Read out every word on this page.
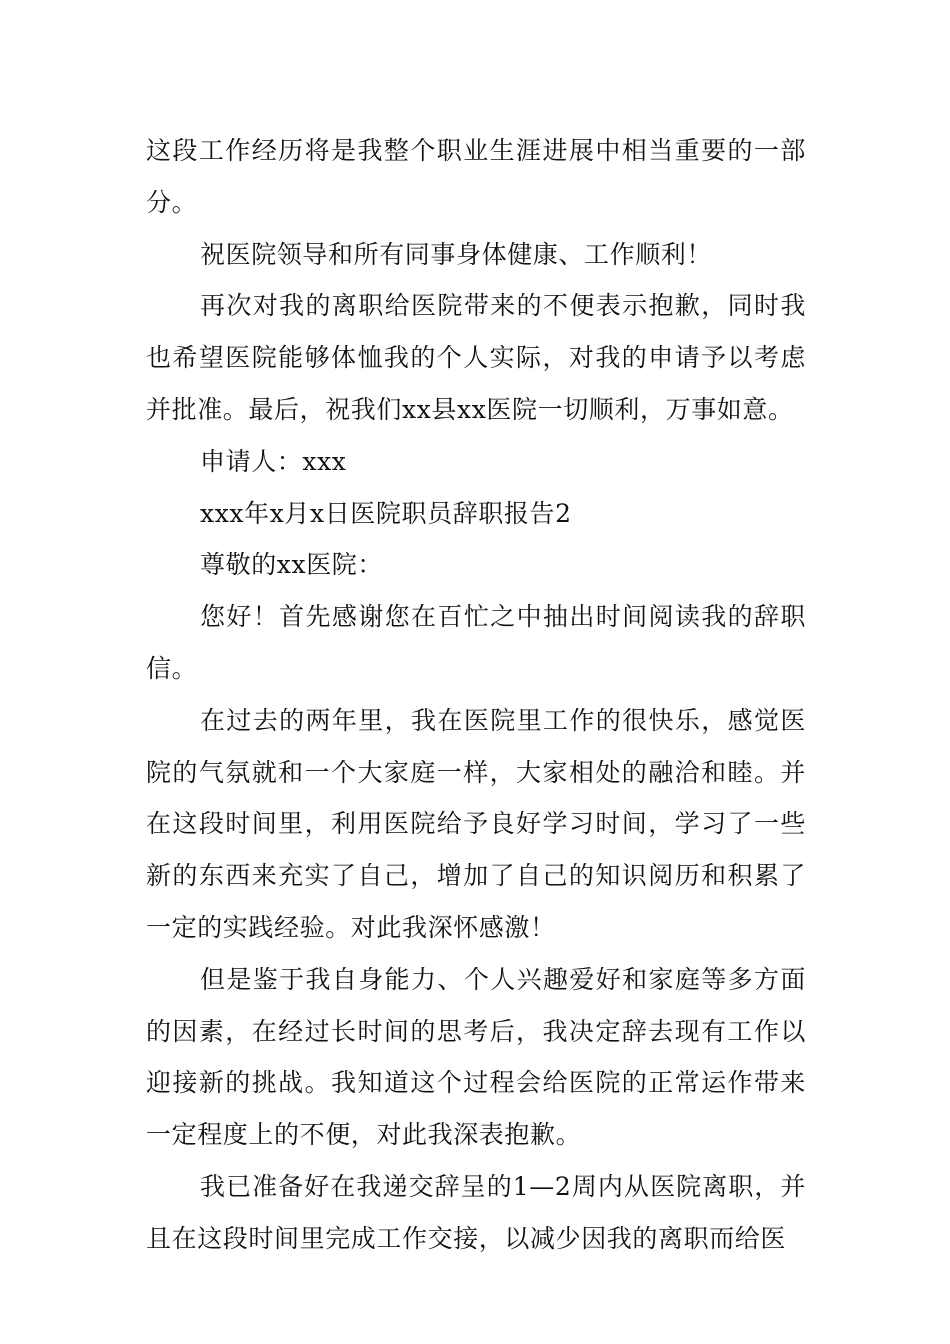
这段工作经历将是我整个职业生涯进展中相当重要的一部分。

祝医院领导和所有同事身体健康、工作顺利！

再次对我的离职给医院带来的不便表示抱歉，同时我也希望医院能够体恤我的个人实际，对我的申请予以考虑并批准。最后，祝我们xx县xx医院一切顺利，万事如意。

申请人：xxx

xxx年x月x日医院职员辞职报告2

尊敬的xx医院：

您好！首先感谢您在百忙之中抽出时间阅读我的辞职信。

在过去的两年里，我在医院里工作的很快乐，感觉医院的气氛就和一个大家庭一样，大家相处的融洽和睦。并在这段时间里，利用医院给予良好学习时间，学习了一些新的东西来充实了自己，增加了自己的知识阅历和积累了一定的实践经验。对此我深怀感激！

但是鉴于我自身能力、个人兴趣爱好和家庭等多方面的因素，在经过长时间的思考后，我决定辞去现有工作以迎接新的挑战。我知道这个过程会给医院的正常运作带来一定程度上的不便，对此我深表抱歉。

我已准备好在我递交辞呈的1—2周内从医院离职，并且在这段时间里完成工作交接，以减少因我的离职而给医
